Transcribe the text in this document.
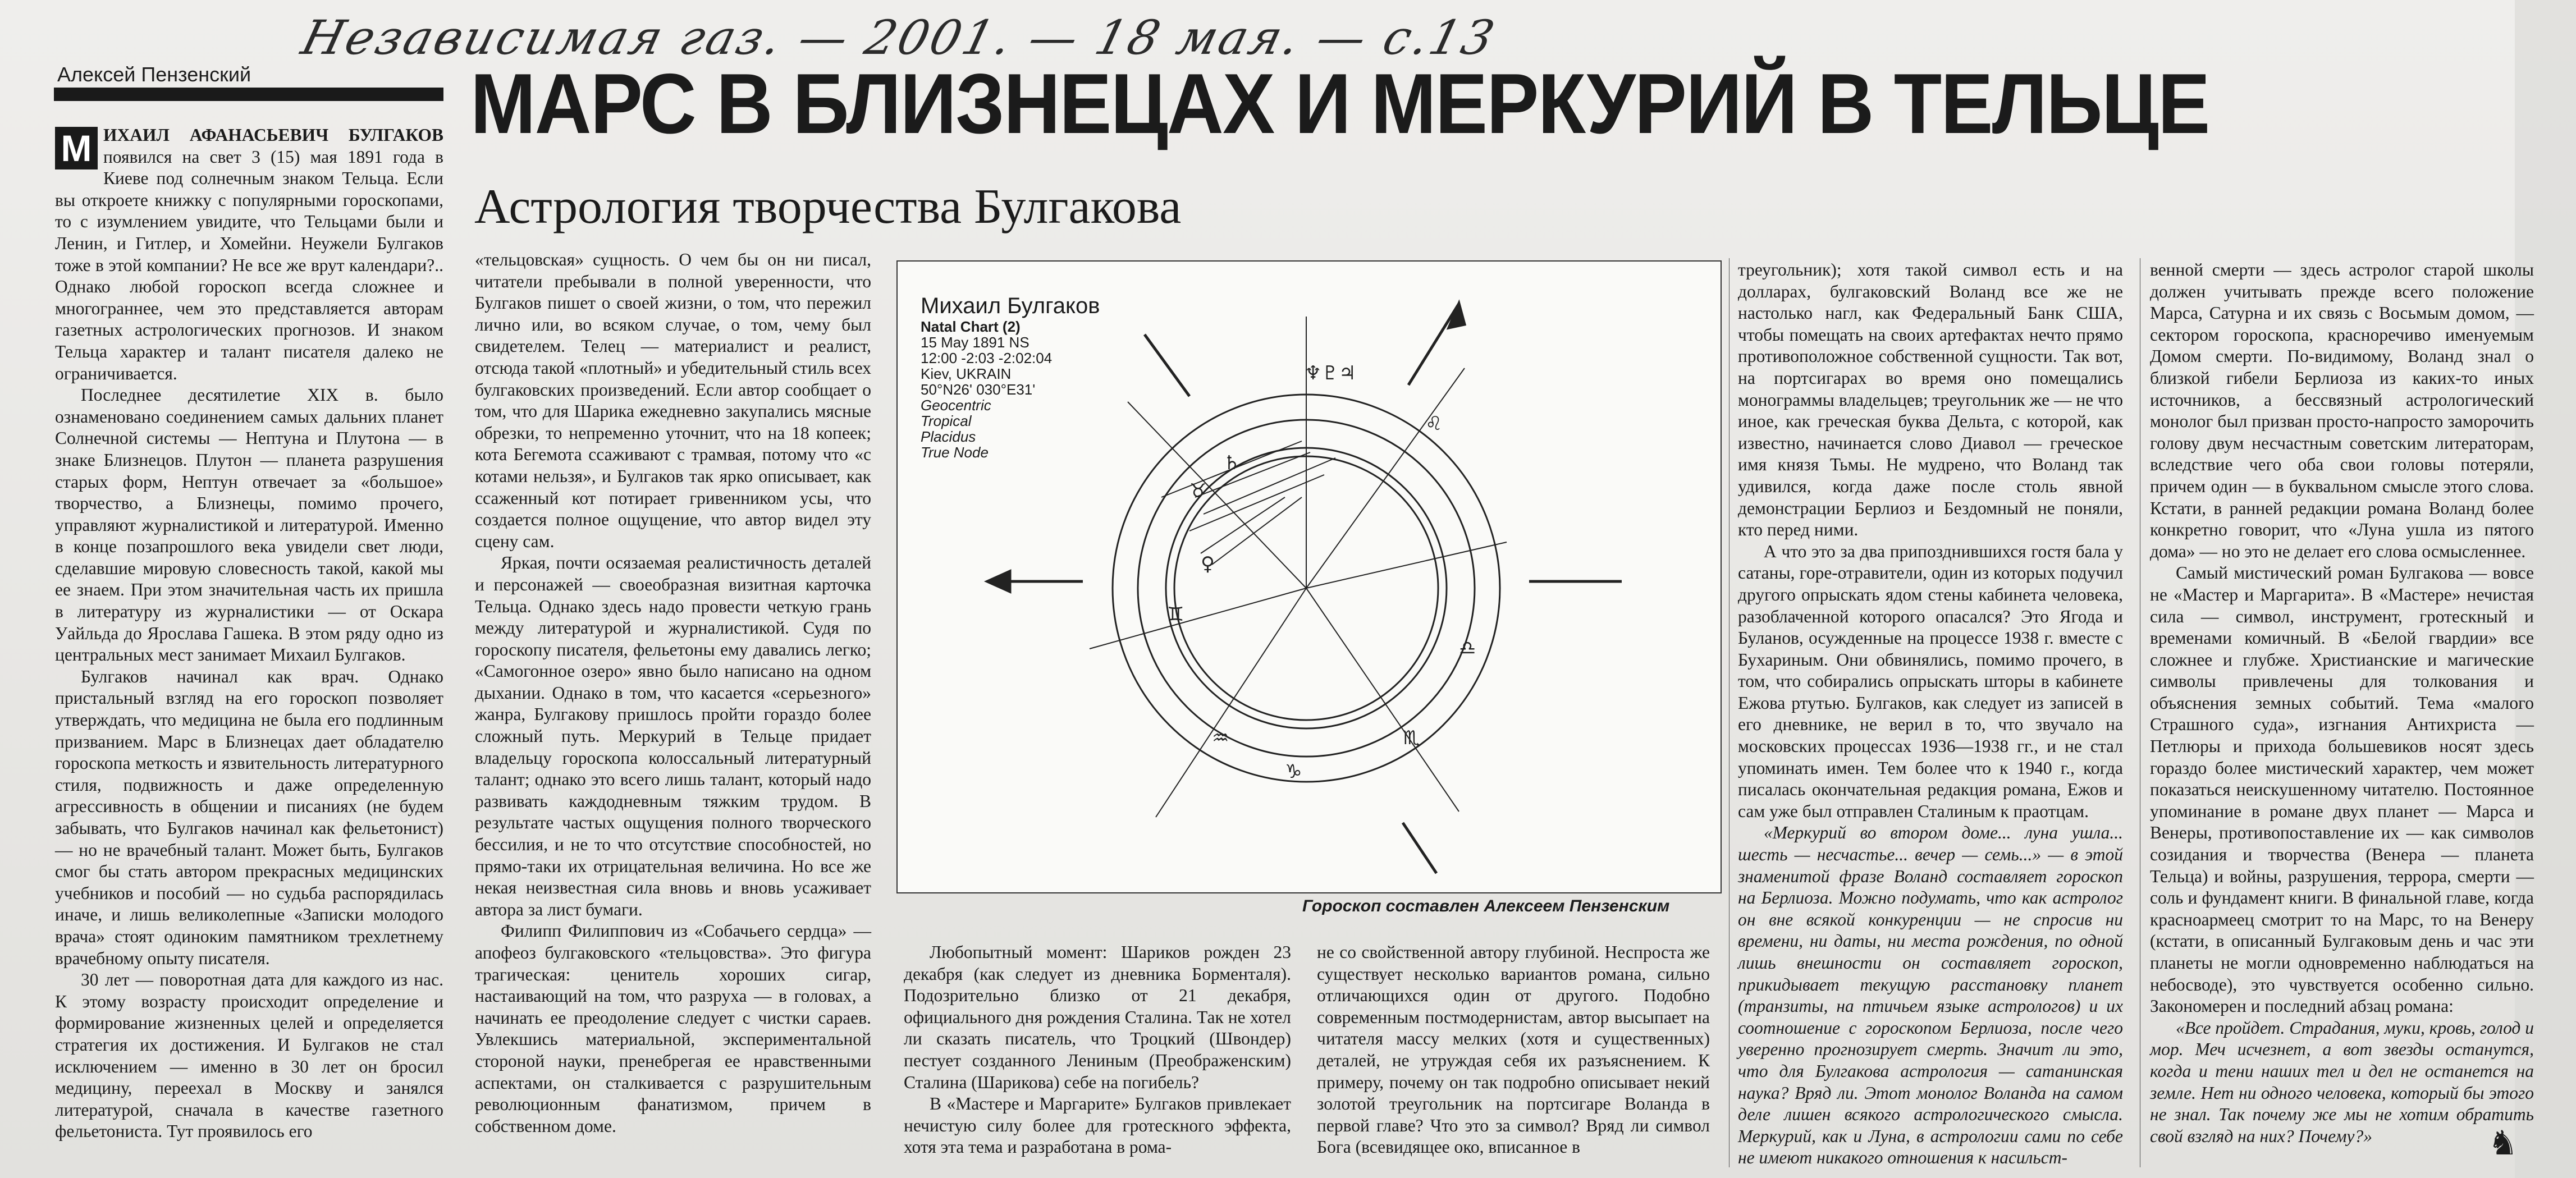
Независимая газ. — 2001. — 18 мая. — с.13
Алексей Пензенский	МАРС В БЛИЗНЕЦАХ И МЕРКУРИЙ В ТЕЛЬЦЕ
Астрология творчества Булгакова

М ИХАИЛ АФАНАСЬЕВИЧ БУЛГАКОВ появился на свет 3 (15) мая 1891 года в Киеве под солнечным знаком Тельца. Если вы откроете книжку с популярными гороскопами, то с изумлением увидите, что Тельцами были и Ленин, и Гитлер, и Хомейни. Неужели Булгаков тоже в этой компании? Не все же врут календари?.. Однако любой гороскоп всегда сложнее и многограннее, чем это представляется авторам газетных астрологических прогнозов. И знаком Тельца характер и талант писателя далеко не ограничивается.

Последнее десятилетие XIX в. было ознаменовано соединением самых дальних планет Солнечной системы — Нептуна и Плутона — в знаке Близнецов. Плутон — планета разрушения старых форм, Нептун отвечает за «большое» творчество, а Близнецы, помимо прочего, управляют журналистикой и литературой. Именно в конце позапрошлого века увидели свет люди, сделавшие мировую словесность такой, какой мы ее знаем. При этом значительная часть их пришла в литературу из журналистики — от Оскара Уайльда до Ярослава Гашека. В этом ряду одно из центральных мест занимает Михаил Булгаков.

Булгаков начинал как врач. Однако пристальный взгляд на его гороскоп позволяет утверждать, что медицина не была его подлинным призванием. Марс в Близнецах дает обладателю гороскопа меткость и язвительность литературного стиля, подвижность и даже определенную агрессивность в общении и писаниях (не будем забывать, что Булгаков начинал как фельетонист) — но не врачебный талант. Может быть, Булгаков смог бы стать автором прекрасных медицинских учебников и пособий — но судьба распорядилась иначе, и лишь великолепные «Записки молодого врача» стоят одиноким памятником трехлетнему врачебному опыту писателя.

30 лет — поворотная дата для каждого из нас. К этому возрасту происходит определение и формирование жизненных целей и определяется стратегия их достижения. И Булгаков не стал исключением — именно в 30 лет он бросил медицину, переехал в Москву и занялся литературой, сначала в качестве газетного фельетониста. Тут проявилось его

«тельцовская» сущность. О чем бы он ни писал, читатели пребывали в полной уверенности, что Булгаков пишет о своей жизни, о том, что пережил лично или, во всяком случае, о том, чему был свидетелем. Телец — материалист и реалист, отсюда такой «плотный» и убедительный стиль всех булгаковских произведений. Если автор сообщает о том, что для Шарика ежедневно закупались мясные обрезки, то непременно уточнит, что на 18 копеек; кота Бегемота ссаживают с трамвая, потому что «с котами нельзя», и Булгаков так ярко описывает, как ссаженный кот потирает гривенником усы, что создается полное ощущение, что автор видел эту сцену сам.

Яркая, почти осязаемая реалистичность деталей и персонажей — своеобразная визитная карточка Тельца. Однако здесь надо провести четкую грань между литературой и журналистикой. Судя по гороскопу писателя, фельетоны ему давались легко; «Самогонное озеро» явно было написано на одном дыхании. Однако в том, что касается «серьезного» жанра, Булгакову пришлось пройти гораздо более сложный путь. Меркурий в Тельце придает владельцу гороскопа колоссальный литературный талант; однако это всего лишь талант, который надо развивать каждодневным тяжким трудом. В результате частых ощущения полного творческого бессилия, и не то что отсутствие способностей, но прямо-таки их отрицательная величина. Но все же некая неизвестная сила вновь и вновь усаживает автора за лист бумаги.

Филипп Филиппович из «Собачьего сердца» — апофеоз булгаковского «тельцовства». Это фигура трагическая: ценитель хороших сигар, настаивающий на том, что разруха — в головах, а начинать ее преодоление следует с чистки сараев. Увлекшись материальной, экспериментальной стороной науки, пренебрегая ее нравственными аспектами, он сталкивается с разрушительным революционным фанатизмом, причем в собственном доме.

♆♇♃
♄
♀
♊
♑
♏
♒
♌
♎
♉
Михаил Булгаков
Natal Chart (2)
15 May 1891 NS
12:00 -2:03 -2:02:04
Kiev, UKRAIN
50°N26' 030°E31'
Geocentric
Tropical
Placidus
True Node
Гороскоп составлен Алексеем Пензенским

Любопытный момент: Шариков рожден 23 декабря (как следует из дневника Борменталя). Подозрительно близко от 21 декабря, официального дня рождения Сталина. Так не хотел ли сказать писатель, что Троцкий (Швондер) пестует созданного Лениным (Преображенским) Сталина (Шарикова) себе на погибель?

В «Мастере и Маргарите» Булгаков привлекает нечистую силу более для гротескного эффекта, хотя эта тема и разработана в рома-

не со свойственной автору глубиной. Неспроста же существует несколько вариантов романа, сильно отличающихся один от другого. Подобно современным постмодернистам, автор высыпает на читателя массу мелких (хотя и существенных) деталей, не утруждая себя их разъяснением. К примеру, почему он так подробно описывает некий золотой треугольник на портсигаре Воланда в первой главе? Что это за символ? Вряд ли символ Бога (всевидящее око, вписанное в

треугольник); хотя такой символ есть и на долларах, булгаковский Воланд все же не настолько нагл, как Федеральный Банк США, чтобы помещать на своих артефактах нечто прямо противоположное собственной сущности. Так вот, на портсигарах во время оно помещались монограммы владельцев; треугольник же — не что иное, как греческая буква Дельта, с которой, как известно, начинается слово Диавол — греческое имя князя Тьмы. Не мудрено, что Воланд так удивился, когда даже после столь явной демонстрации Берлиоз и Бездомный не поняли, кто перед ними.

А что это за два припозднившихся гостя бала у сатаны, горе-отравители, один из которых подучил другого опрыскать ядом стены кабинета человека, разоблаченной которого опасался? Это Ягода и Буланов, осужденные на процессе 1938 г. вместе с Бухариным. Они обвинялись, помимо прочего, в том, что собирались опрыскать шторы в кабинете Ежова ртутью. Булгаков, как следует из записей в его дневнике, не верил в то, что звучало на московских процессах 1936—1938 гг., и не стал упоминать имен. Тем более что к 1940 г., когда писалась окончательная редакция романа, Ежов и сам уже был отправлен Сталиным к праотцам.

«Меркурий во втором доме... луна ушла... шесть — несчастье... вечер — семь...» — в этой знаменитой фразе Воланд составляет гороскоп на Берлиоза. Можно подумать, что как астролог он вне всякой конкуренции — не спросив ни времени, ни даты, ни места рождения, по одной лишь внешности он составляет гороскоп, прикидывает текущую расстановку планет (транзиты, на птичьем языке астрологов) и их соотношение с гороскопом Берлиоза, после чего уверенно прогнозирует смерть. Значит ли это, что для Булгакова астрология — сатанинская наука? Вряд ли. Этот монолог Воланда на самом деле лишен всякого астрологического смысла. Меркурий, как и Луна, в астрологии сами по себе не имеют никакого отношения к насильст-

венной смерти — здесь астролог старой школы должен учитывать прежде всего положение Марса, Сатурна и их связь с Восьмым домом, — сектором гороскопа, красноречиво именуемым Домом смерти. По-видимому, Воланд знал о близкой гибели Берлиоза из каких-то иных источников, а бессвязный астрологический монолог был призван просто-напросто заморочить голову двум несчастным советским литераторам, вследствие чего оба свои головы потеряли, причем один — в буквальном смысле этого слова. Кстати, в ранней редакции романа Воланд более конкретно говорит, что «Луна ушла из пятого дома» — но это не делает его слова осмысленнее.

Самый мистический роман Булгакова — вовсе не «Мастер и Маргарита». В «Мастере» нечистая сила — символ, инструмент, гротескный и временами комичный. В «Белой гвардии» все сложнее и глубже. Христианские и магические символы привлечены для толкования и объяснения земных событий. Тема «малого Страшного суда», изгнания Антихриста — Петлюры и прихода большевиков носят здесь гораздо более мистический характер, чем может показаться неискушенному читателю. Постоянное упоминание в романе двух планет — Марса и Венеры, противопоставление их — как символов созидания и творчества (Венера — планета Тельца) и войны, разрушения, террора, смерти — соль и фундамент книги. В финальной главе, когда красноармеец смотрит то на Марс, то на Венеру (кстати, в описанный Булгаковым день и час эти планеты не могли одновременно наблюдаться на небосводе), это чувствуется особенно сильно. Закономерен и последний абзац романа:

«Все пройдет. Страдания, муки, кровь, голод и мор. Меч исчезнет, а вот звезды останутся, когда и тени наших тел и дел не останется на земле. Нет ни одного человека, который бы этого не знал. Так почему же мы не хотим обратить свой взгляд на них? Почему?»	♞
